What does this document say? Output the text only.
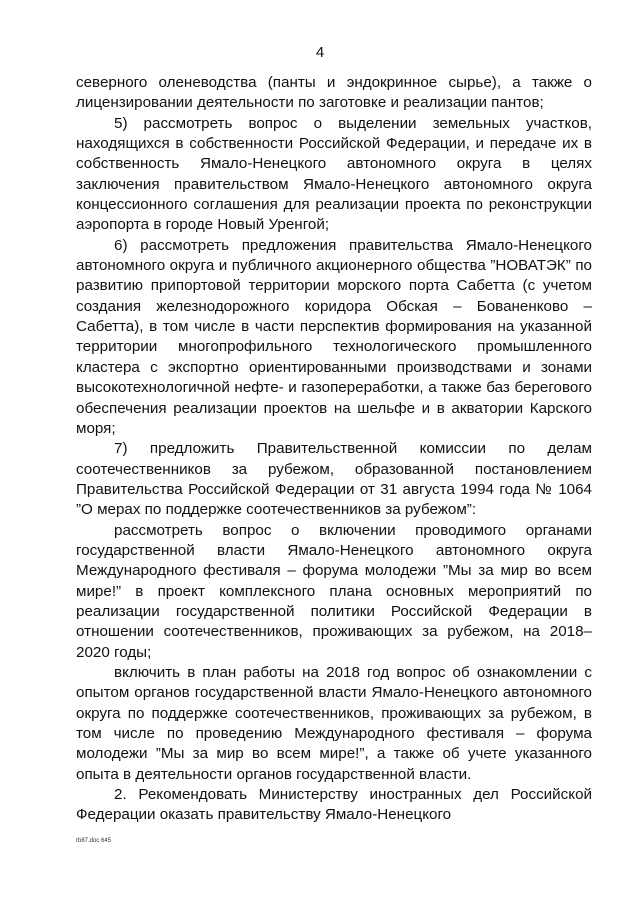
4

северного оленеводства (панты и эндокринное сырье), а также о лицензировании деятельности по заготовке и реализации пантов;

5) рассмотреть вопрос о выделении земельных участков, находящихся в собственности Российской Федерации, и передаче их в собственность Ямало-Ненецкого автономного округа в целях заключения правительством Ямало-Ненецкого автономного округа концессионного соглашения для реализации проекта по реконструкции аэропорта в городе Новый Уренгой;

6) рассмотреть предложения правительства Ямало-Ненецкого автономного округа и публичного акционерного общества ”НОВАТЭК” по развитию припортовой территории морского порта Сабетта (с учетом создания железнодорожного коридора Обская – Бованенково – Сабетта), в том числе в части перспектив формирования на указанной территории многопрофильного технологического промышленного кластера с экспортно ориентированными производствами и зонами высокотехнологичной нефте- и газопереработки, а также баз берегового обеспечения реализации проектов на шельфе и в акватории Карского моря;

7) предложить Правительственной комиссии по делам соотечественников за рубежом, образованной постановлением Правительства Российской Федерации от 31 августа 1994 года № 1064 ”О мерах по поддержке соотечественников за рубежом”:

рассмотреть вопрос о включении проводимого органами государственной власти Ямало-Ненецкого автономного округа Международного фестиваля – форума молодежи ”Мы за мир во всем мире!” в проект комплексного плана основных мероприятий по реализации государственной политики Российской Федерации в отношении соотечественников, проживающих за рубежом, на 2018–2020 годы;

включить в план работы на 2018 год вопрос об ознакомлении с опытом органов государственной власти Ямало-Ненецкого автономного округа по поддержке соотечественников, проживающих за рубежом, в том числе по проведению Международного фестиваля – форума молодежи ”Мы за мир во всем мире!”, а также об учете указанного опыта в деятельности органов государственной власти.

2. Рекомендовать Министерству иностранных дел Российской Федерации оказать правительству Ямало-Ненецкого

rb87.doc 645
